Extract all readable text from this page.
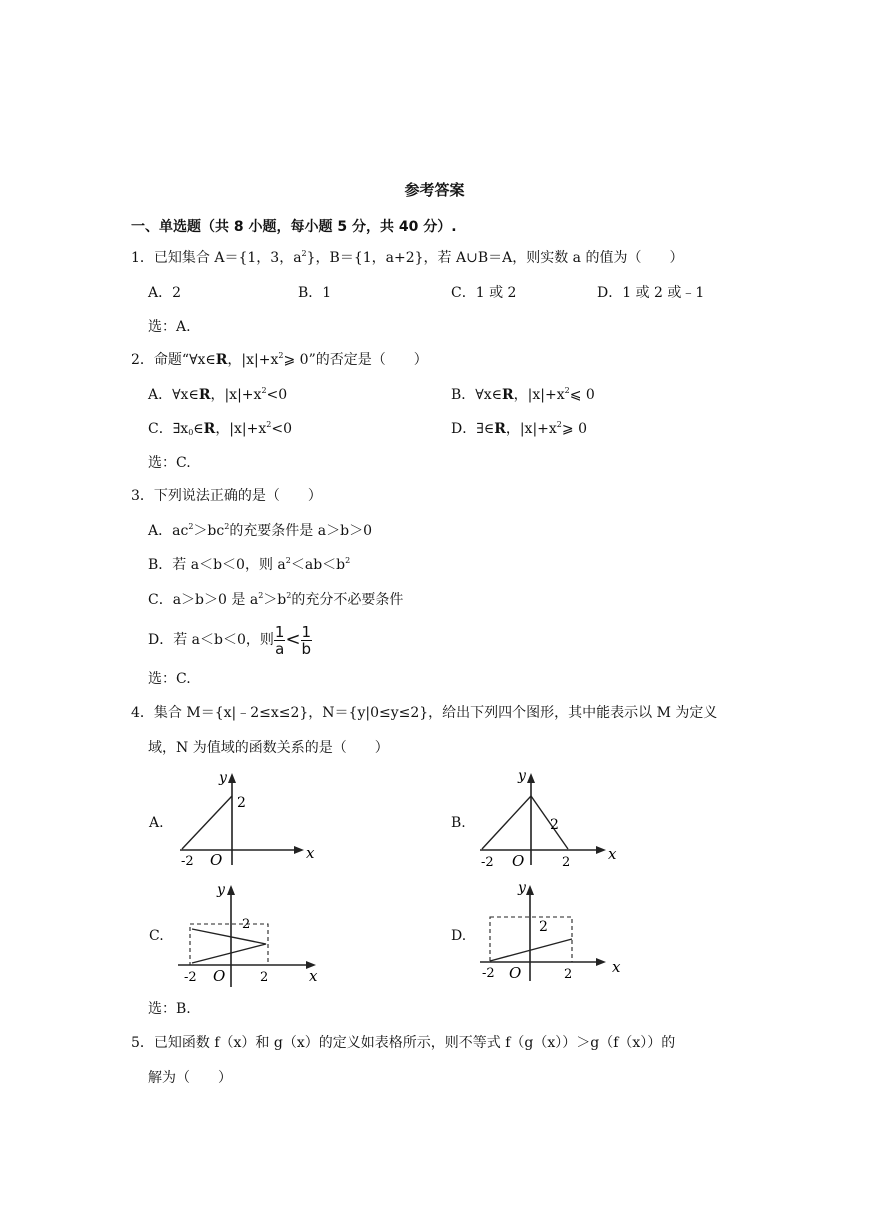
参考答案
一、单选题（共 8 小题，每小题 5 分，共 40 分）.
1．已知集合 A＝{1，3，$a^2$}，B＝{1，a+2}，若 A∪B＝A，则实数 a 的值为（　　）
A．2	B．1	C．1 或 2	D．1 或 2 或﹣1
选：A.
2．命题“∀x∈R，$|x|+x^2⩾$ 0”的否定是（　　）
A．∀x∈R，$|x|+x^2<0$	B．∀x∈R，$|x|+x^2⩽$ 0
C．$\exists x_0\in R$，$|x|+x^2<0$	D．∃∈R，$|x|+x^2⩾$ 0
选：C.
3．下列说法正确的是（　　）
A．$ac^2>bc^2$的充要条件是 a＞b＞0
B．若 a＜b＜0，则 $a^2<ab<b^2$
C．a＞b＞0 是 $a^2>b^2$的充分不必要条件
D．若 a＜b＜0，则 $\frac{1}{a} < \frac{1}{b}$
选：C.
4．集合 M＝{x|﹣2≤x≤2}，N＝{y|0≤y≤2}，给出下列四个图形，其中能表示以 M 为定义
域，N 为值域的函数关系的是（　　）
A.	B.
C.	D.
y
x
O
-2
2
y
x
O
-2	2
2
y
x
O
-2	2
2
y
x
O
-2	2
2
选：B.
5．已知函数 f（x）和 g（x）的定义如表格所示，则不等式 f（g（x））＞g（f（x））的
解为（　　）
